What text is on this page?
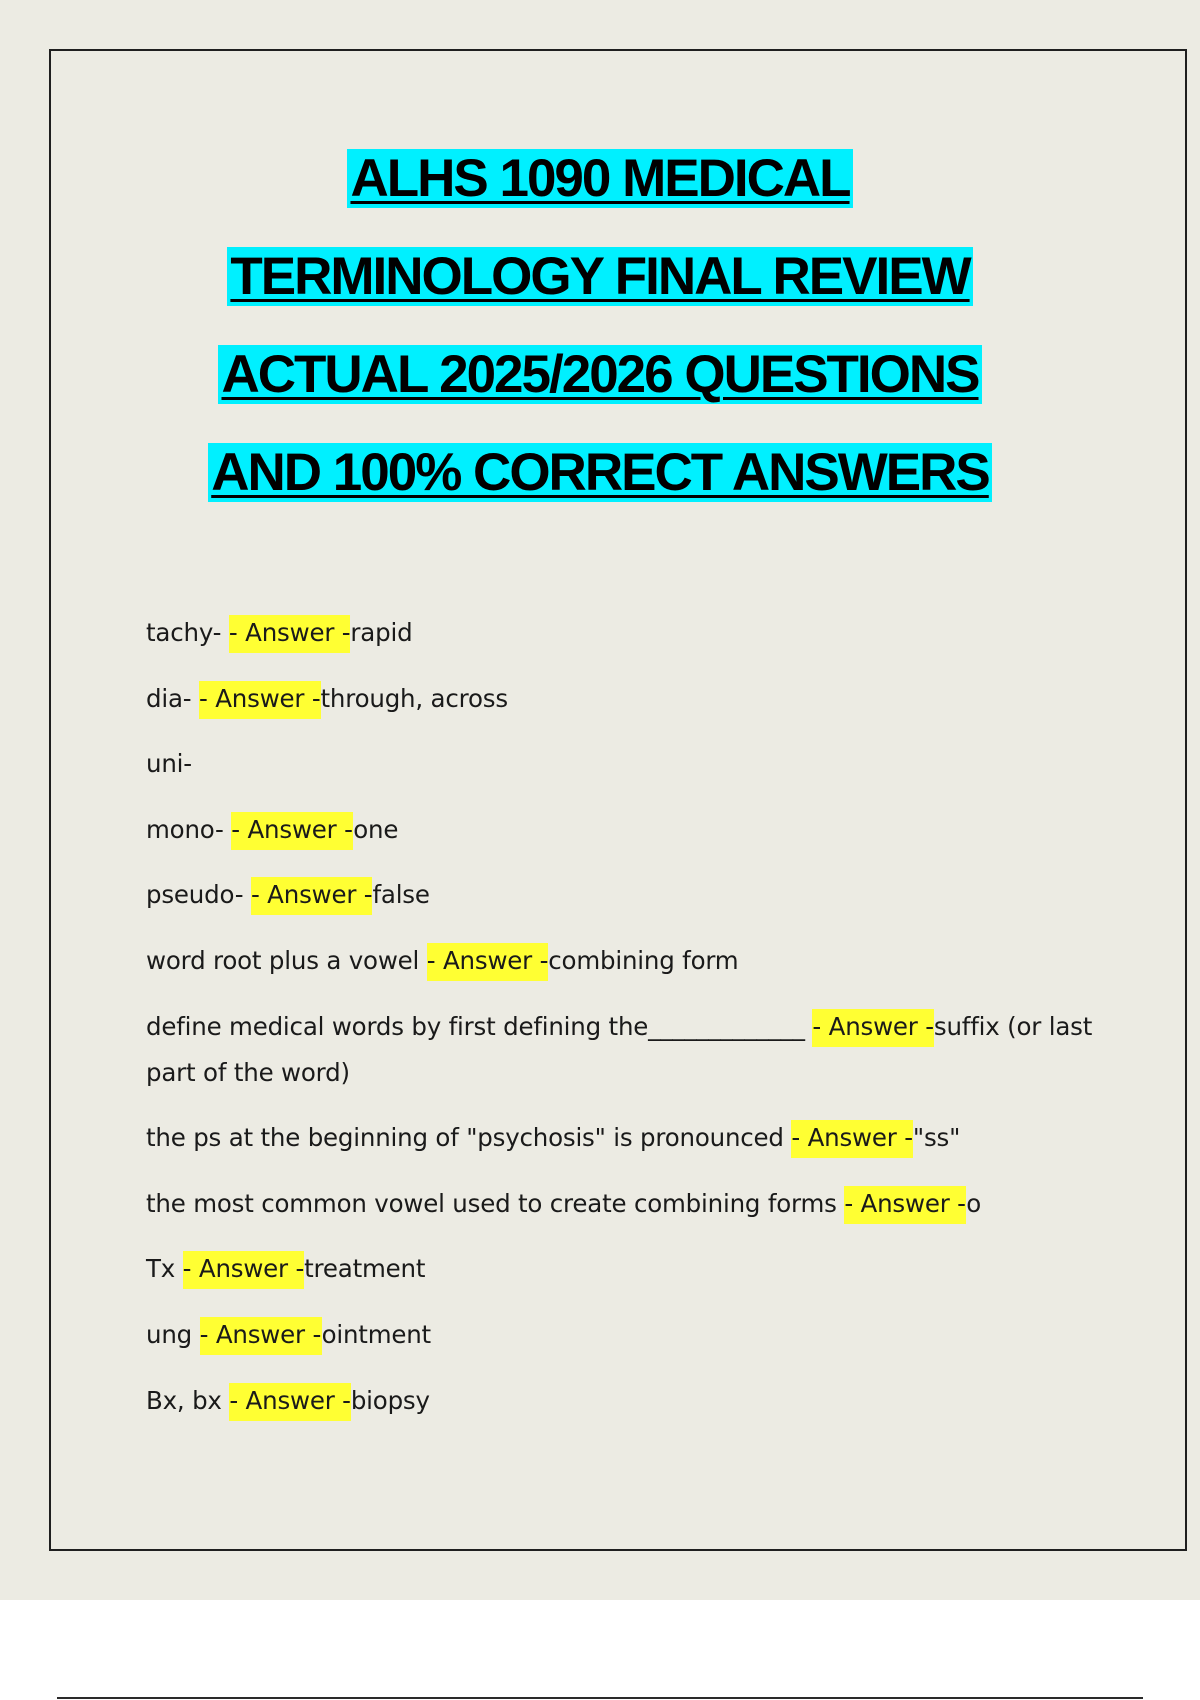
ALHS 1090 MEDICAL
TERMINOLOGY FINAL REVIEW
ACTUAL 2025/2026 QUESTIONS
AND 100% CORRECT ANSWERS
tachy- - Answer -rapid
dia- - Answer -through, across
uni-
mono- - Answer -one
pseudo- - Answer -false
word root plus a vowel - Answer -combining form
define medical words by first defining the_____________ - Answer -suffix (or last part of the word)
the ps at the beginning of "psychosis" is pronounced - Answer -"ss"
the most common vowel used to create combining forms - Answer -o
Tx - Answer -treatment
ung - Answer -ointment
Bx, bx - Answer -biopsy
